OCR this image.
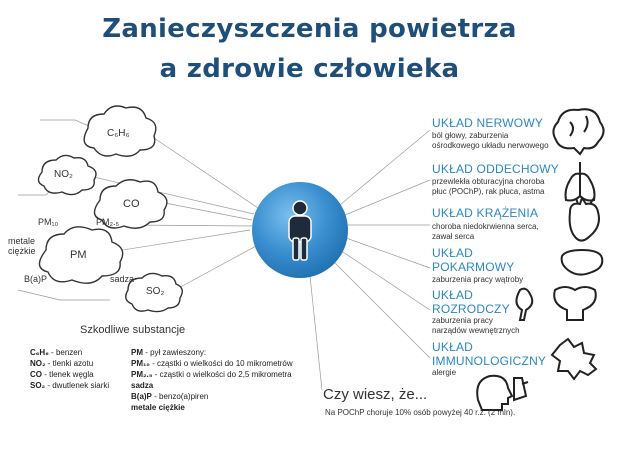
Zanieczyszczenia powietrza
a zdrowie człowieka
C₆H₆
NO₂
CO
PM
SO₂
PM₁₀	PM₂.₅
metale ciężkie
B(a)P	sadza
UKŁAD NERWOWY
ból głowy, zaburzenia
ośrodkowego układu nerwowego
UKŁAD ODDECHOWY
przewlekła obturacyjna choroba
płuc (POChP), rak płuca, astma
UKŁAD KRĄŻENIA
choroba niedokrwienna serca,
zawał serca
UKŁAD POKARMOWY
zaburzenia pracy wątroby
UKŁAD ROZRODCZY
zaburzenia pracy
narządów wewnętrznych
UKŁAD IMMUNOLOGICZNY
alergie
Szkodliwe substancje
C₆H₆ - benzen
NO₂ - tlenki azotu
CO - tlenek węgla
SO₂ - dwutlenek siarki
PM - pył zawieszony:
PM₁₀ - cząstki o wielkości do 10 mikrometrów
PM₂.₅ - cząstki o wielkości do 2,5 mikrometra
sadza
B(a)P - benzo(a)piren
metale ciężkie
Czy wiesz, że...
Na POChP choruje 10% osób powyżej 40 r.ż. (2 mln).
